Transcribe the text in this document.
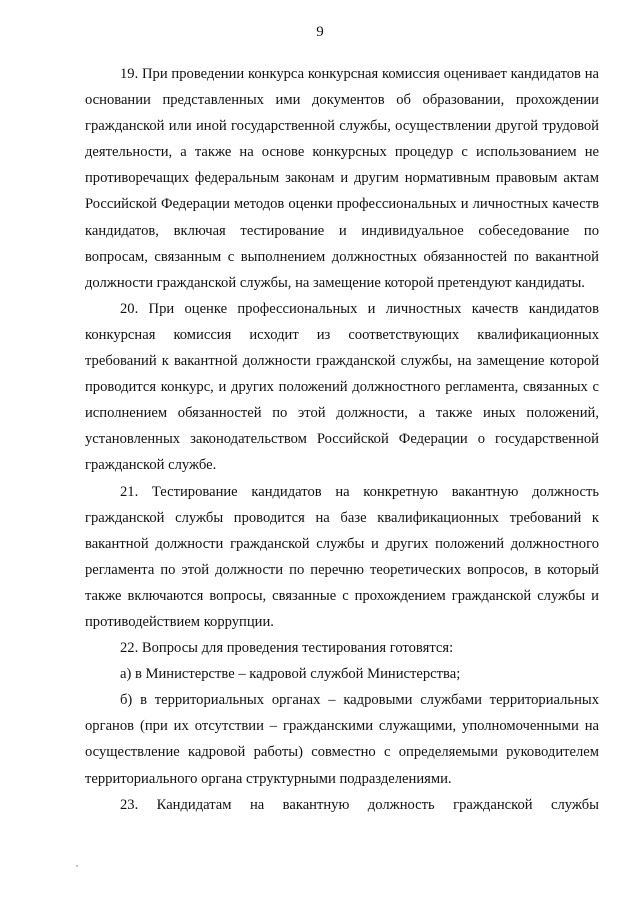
9

19. При проведении конкурса конкурсная комиссия оценивает кандидатов на основании представленных ими документов об образовании, прохождении гражданской или иной государственной службы, осуществлении другой трудовой деятельности, а также на основе конкурсных процедур с использованием не противоречащих федеральным законам и другим нормативным правовым актам Российской Федерации методов оценки профессиональных и личностных качеств кандидатов, включая тестирование и индивидуальное собеседование по вопросам, связанным с выполнением должностных обязанностей по вакантной должности гражданской службы, на замещение которой претендуют кандидаты.

20. При оценке профессиональных и личностных качеств кандидатов конкурсная комиссия исходит из соответствующих квалификационных требований к вакантной должности гражданской службы, на замещение которой проводится конкурс, и других положений должностного регламента, связанных с исполнением обязанностей по этой должности, а также иных положений, установленных законодательством Российской Федерации о государственной гражданской службе.

21. Тестирование кандидатов на конкретную вакантную должность гражданской службы проводится на базе квалификационных требований к вакантной должности гражданской службы и других положений должностного регламента по этой должности по перечню теоретических вопросов, в который также включаются вопросы, связанные с прохождением гражданской службы и противодействием коррупции.

22. Вопросы для проведения тестирования готовятся:

а) в Министерстве – кадровой службой Министерства;

б) в территориальных органах – кадровыми службами территориальных органов (при их отсутствии – гражданскими служащими, уполномоченными на осуществление кадровой работы) совместно с определяемыми руководителем территориального органа структурными подразделениями.

23. Кандидатам на вакантную должность гражданской службы
